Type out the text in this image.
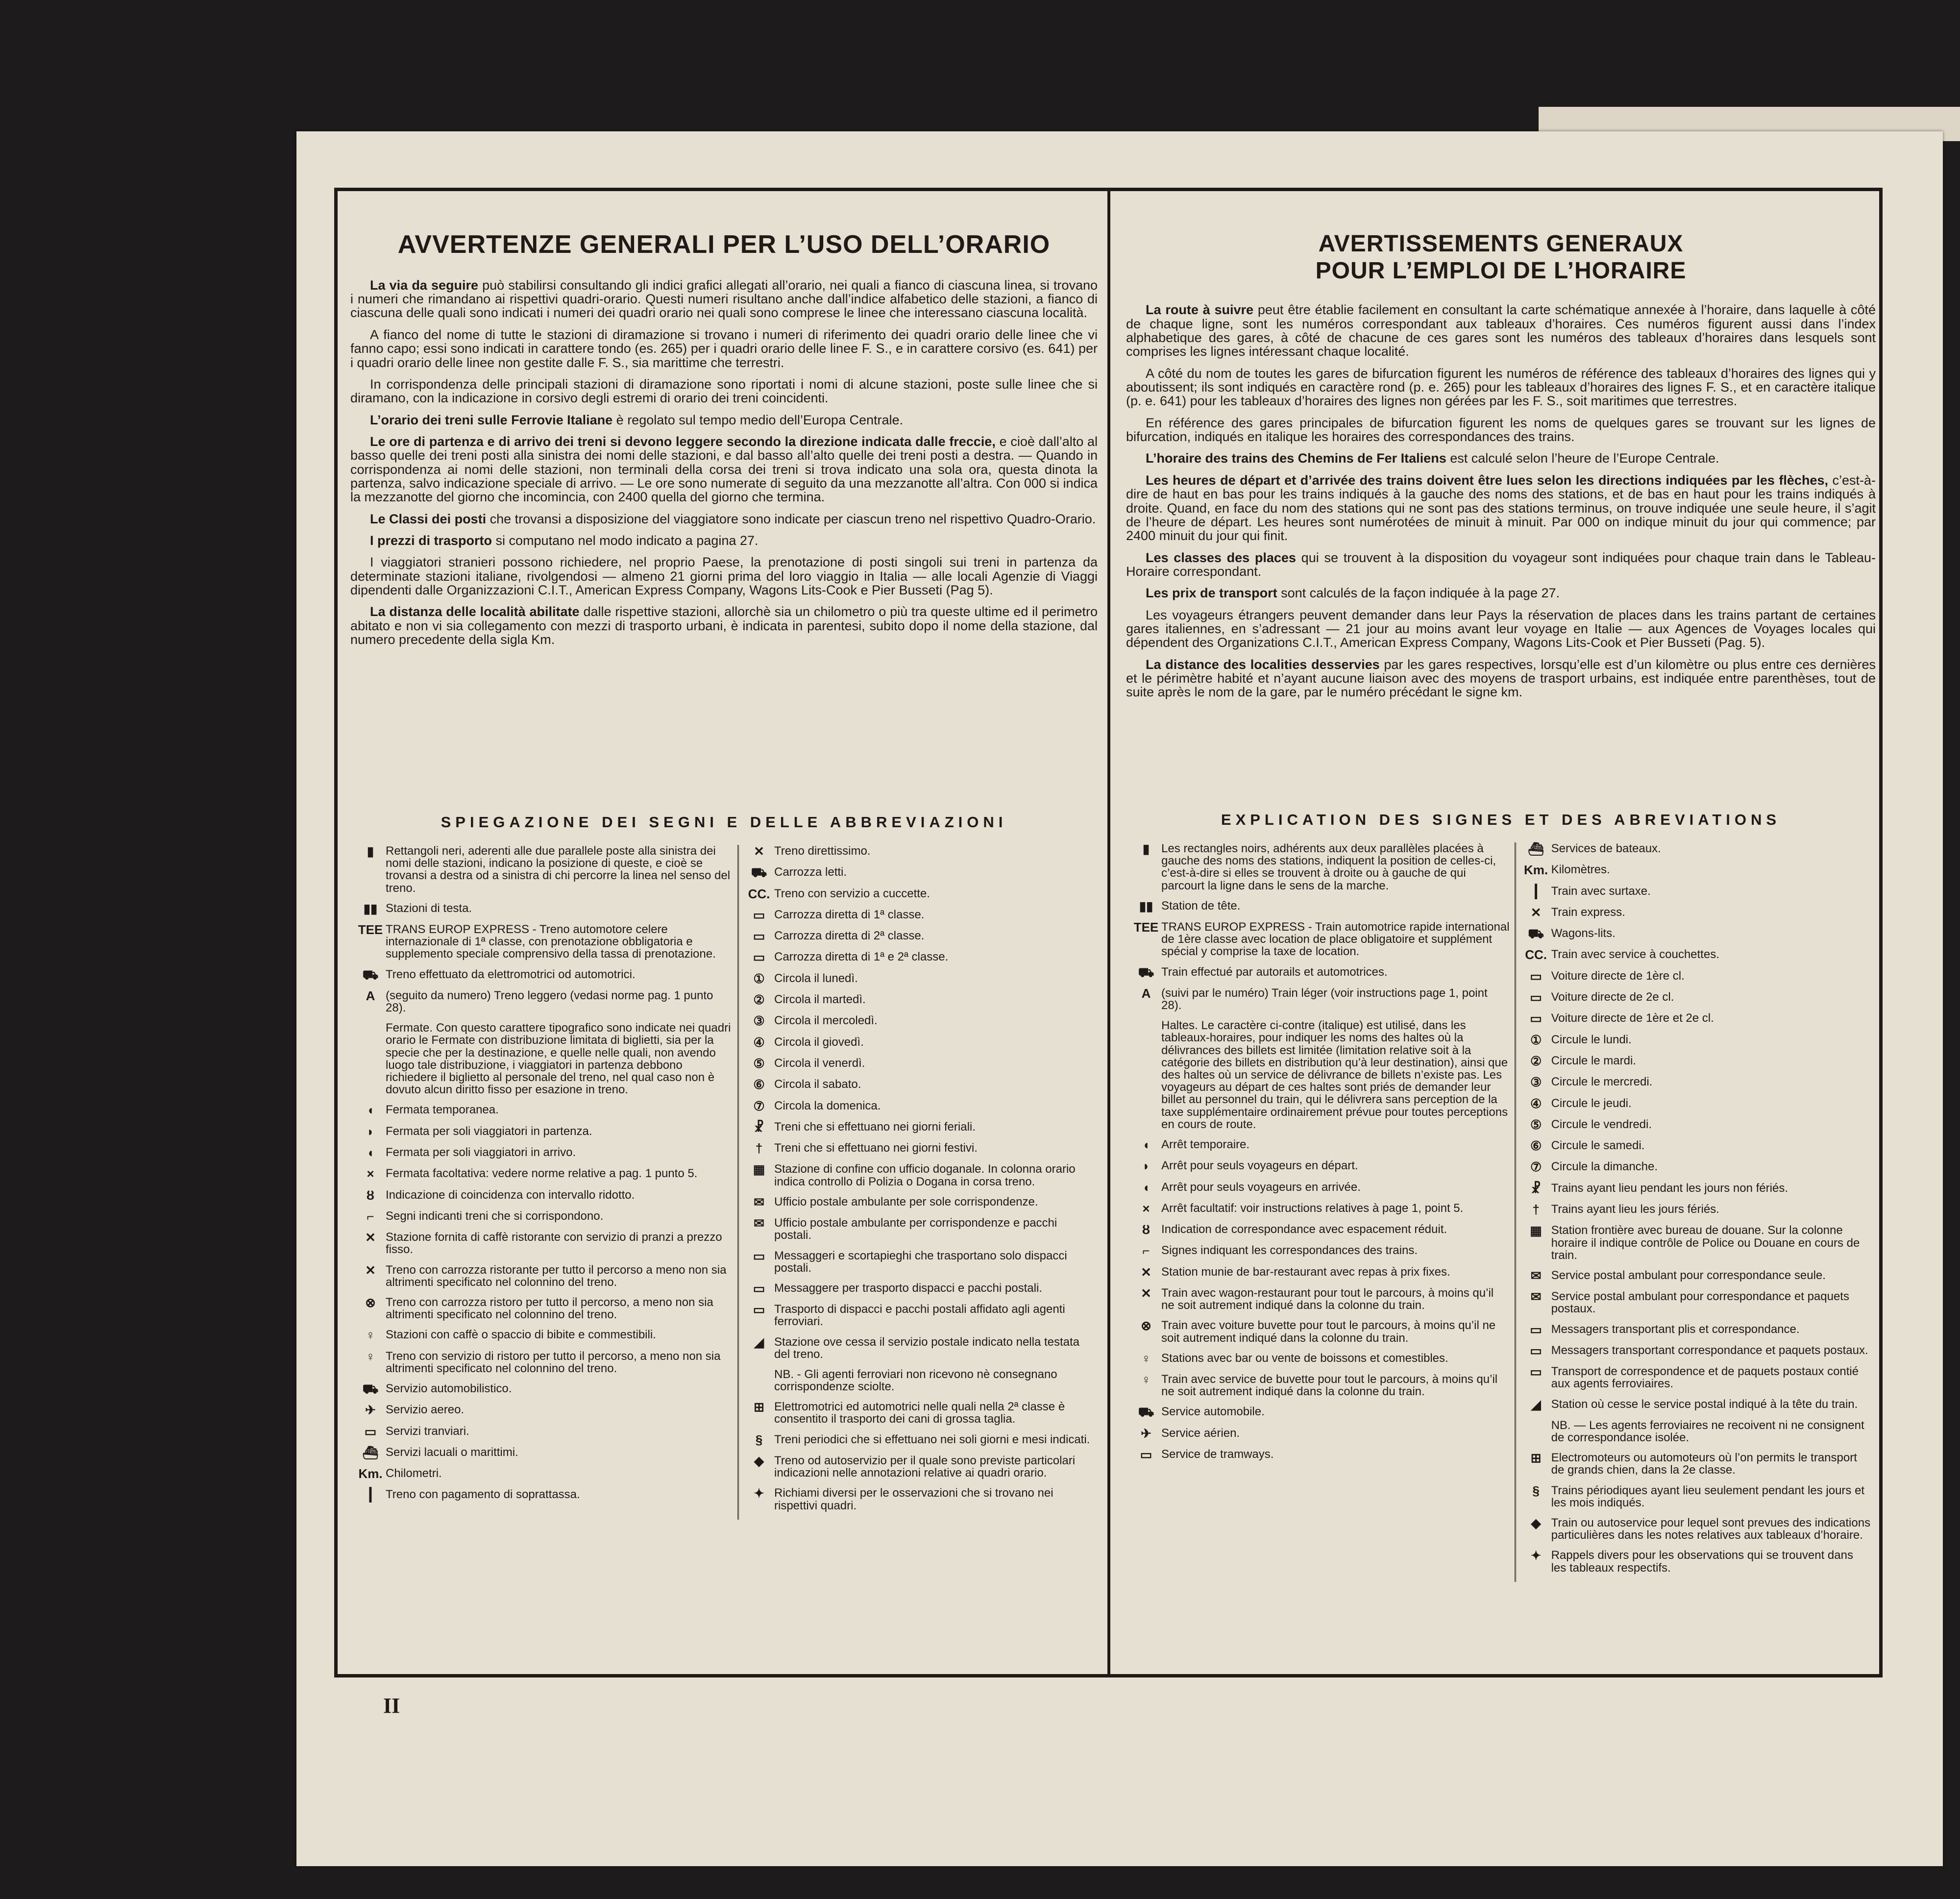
AVVERTENZE GENERALI PER L’USO DELL’ORARIO

La via da seguire può stabilirsi consultando gli indici grafici allegati all’orario, nei quali a fianco di ciascuna linea, si trovano i numeri che rimandano ai rispettivi quadri-orario. Questi numeri risultano anche dall’indice alfabetico delle stazioni, a fianco di ciascuna delle quali sono indicati i numeri dei quadri orario nei quali sono comprese le linee che interessano ciascuna località.

A fianco del nome di tutte le stazioni di diramazione si trovano i numeri di riferimento dei quadri orario delle linee che vi fanno capo; essi sono indicati in carattere tondo (es. 265) per i quadri orario delle linee F. S., e in carattere corsivo (es. 641) per i quadri orario delle linee non gestite dalle F. S., sia marittime che terrestri.

In corrispondenza delle principali stazioni di diramazione sono riportati i nomi di alcune stazioni, poste sulle linee che si diramano, con la indicazione in corsivo degli estremi di orario dei treni coincidenti.

L’orario dei treni sulle Ferrovie Italiane è regolato sul tempo medio dell’Europa Centrale.

Le ore di partenza e di arrivo dei treni si devono leggere secondo la direzione indicata dalle freccie, e cioè dall’alto al basso quelle dei treni posti alla sinistra dei nomi delle stazioni, e dal basso all’alto quelle dei treni posti a destra. — Quando in corrispondenza ai nomi delle stazioni, non terminali della corsa dei treni si trova indicato una sola ora, questa dinota la partenza, salvo indicazione speciale di arrivo. — Le ore sono numerate di seguito da una mezzanotte all’altra. Con 000 si indica la mezzanotte del giorno che incomincia, con 2400 quella del giorno che termina.

Le Classi dei posti che trovansi a disposizione del viaggiatore sono indicate per ciascun treno nel rispettivo Quadro-Orario.

I prezzi di trasporto si computano nel modo indicato a pagina 27.

I viaggiatori stranieri possono richiedere, nel proprio Paese, la prenotazione di posti singoli sui treni in partenza da determinate stazioni italiane, rivolgendosi — almeno 21 giorni prima del loro viaggio in Italia — alle locali Agenzie di Viaggi dipendenti dalle Organizzazioni C.I.T., American Express Company, Wagons Lits-Cook e Pier Busseti (Pag 5).

La distanza delle località abilitate dalle rispettive stazioni, allorchè sia un chilometro o più tra queste ultime ed il perimetro abitato e non vi sia collegamento con mezzi di trasporto urbani, è indicata in parentesi, subito dopo il nome della stazione, dal numero precedente della sigla Km.

SPIEGAZIONE DEI SEGNI E DELLE ABBREVIAZIONI
▮ Rettangoli neri, aderenti alle due parallele poste alla sinistra dei nomi delle stazioni, indicano la posizione di queste, e cioè se trovansi a destra od a sinistra di chi percorre la linea nel senso del treno.
▮▮ Stazioni di testa.
TEE TRANS EUROP EXPRESS - Treno automotore celere internazionale di 1ª classe, con prenotazione obbligatoria e supplemento speciale comprensivo della tassa di prenotazione.
⛟ Treno effettuato da elettromotrici od automotrici.
A (seguito da numero) Treno leggero (vedasi norme pag. 1 punto 28).
Fermate. Con questo carattere tipografico sono indicate nei quadri orario le Fermate con distribuzione limitata di biglietti, sia per la specie che per la destinazione, e quelle nelle quali, non avendo luogo tale distribuzione, i viaggiatori in partenza debbono richiedere il biglietto al personale del treno, nel qual caso non è dovuto alcun diritto fisso per esazione in treno.
◖ Fermata temporanea.
◗ Fermata per soli viaggiatori in partenza.
◖ Fermata per soli viaggiatori in arrivo.
× Fermata facoltativa: vedere norme relative a pag. 1 punto 5.
ȣ Indicazione di coincidenza con intervallo ridotto.
⌐ Segni indicanti treni che si corrispondono.
✕ Stazione fornita di caffè ristorante con servizio di pranzi a prezzo fisso.
✕ Treno con carrozza ristorante per tutto il percorso a meno non sia altrimenti specificato nel colonnino del treno.
⊗ Treno con carrozza ristoro per tutto il percorso, a meno non sia altrimenti specificato nel colonnino del treno.
♀ Stazioni con caffè o spaccio di bibite e commestibili.
♀ Treno con servizio di ristoro per tutto il percorso, a meno non sia altrimenti specificato nel colonnino del treno.
⛟ Servizio automobilistico.
✈ Servizio aereo.
▭ Servizi tranviari.
⛴ Servizi lacuali o marittimi.
Km. Chilometri.
┃ Treno con pagamento di soprattassa.
✕ Treno direttissimo.
⛟ Carrozza letti.
CC. Treno con servizio a cuccette.
▭ Carrozza diretta di 1ª classe.
▭ Carrozza diretta di 2ª classe.
▭ Carrozza diretta di 1ª e 2ª classe.
① Circola il lunedì.
② Circola il martedì.
③ Circola il mercoledì.
④ Circola il giovedì.
⑤ Circola il venerdì.
⑥ Circola il sabato.
⑦ Circola la domenica.
☧ Treni che si effettuano nei giorni feriali.
† Treni che si effettuano nei giorni festivi.
▦ Stazione di confine con ufficio doganale. In colonna orario indica controllo di Polizia o Dogana in corsa treno.
✉ Ufficio postale ambulante per sole corrispondenze.
✉ Ufficio postale ambulante per corrispondenze e pacchi postali.
▭ Messaggeri e scortapieghi che trasportano solo dispacci postali.
▭ Messaggere per trasporto dispacci e pacchi postali.
▭ Trasporto di dispacci e pacchi postali affidato agli agenti ferroviari.
◢ Stazione ove cessa il servizio postale indicato nella testata del treno.
NB. - Gli agenti ferroviari non ricevono nè consegnano corrispondenze sciolte.
⊞ Elettromotrici ed automotrici nelle quali nella 2ª classe è consentito il trasporto dei cani di grossa taglia.
§ Treni periodici che si effettuano nei soli giorni e mesi indicati.
◆ Treno od autoservizio per il quale sono previste particolari indicazioni nelle annotazioni relative ai quadri orario.
✦ Richiami diversi per le osservazioni che si trovano nei rispettivi quadri.
AVERTISSEMENTS GENERAUX
POUR L’EMPLOI DE L’HORAIRE

La route à suivre peut être établie facilement en consultant la carte schématique annexée à l’horaire, dans laquelle à côté de chaque ligne, sont les numéros correspondant aux tableaux d’horaires. Ces numéros figurent aussi dans l’index alphabetique des gares, à côté de chacune de ces gares sont les numéros des tableaux d’horaires dans lesquels sont comprises les lignes intéressant chaque localité.

A côté du nom de toutes les gares de bifurcation figurent les numéros de référence des tableaux d’horaires des lignes qui y aboutissent; ils sont indiqués en caractère rond (p. e. 265) pour les tableaux d’horaires des lignes F. S., et en caractère italique (p. e. 641) pour les tableaux d’horaires des lignes non gérées par les F. S., soit maritimes que terrestres.

En référence des gares principales de bifurcation figurent les noms de quelques gares se trouvant sur les lignes de bifurcation, indiqués en italique les horaires des correspondances des trains.

L’horaire des trains des Chemins de Fer Italiens est calculé selon l’heure de l’Europe Centrale.

Les heures de départ et d’arrivée des trains doivent être lues selon les directions indiquées par les flèches, c’est-à-dire de haut en bas pour les trains indiqués à la gauche des noms des stations, et de bas en haut pour les trains indiqués à droite. Quand, en face du nom des stations qui ne sont pas des stations terminus, on trouve indiquée une seule heure, il s’agit de l’heure de départ. Les heures sont numérotées de minuit à minuit. Par 000 on indique minuit du jour qui commence; par 2400 minuit du jour qui finit.

Les classes des places qui se trouvent à la disposition du voyageur sont indiquées pour chaque train dans le Tableau-Horaire correspondant.

Les prix de transport sont calculés de la façon indiquée à la page 27.

Les voyageurs étrangers peuvent demander dans leur Pays la réservation de places dans les trains partant de certaines gares italiennes, en s’adressant — 21 jour au moins avant leur voyage en Italie — aux Agences de Voyages locales qui dépendent des Organizations C.I.T., American Express Company, Wagons Lits-Cook et Pier Busseti (Pag. 5).

La distance des localities desservies par les gares respectives, lorsqu’elle est d’un kilomètre ou plus entre ces dernières et le périmètre habité et n’ayant aucune liaison avec des moyens de trasport urbains, est indiquée entre parenthèses, tout de suite après le nom de la gare, par le numéro précédant le signe km.

EXPLICATION DES SIGNES ET DES ABREVIATIONS
▮ Les rectangles noirs, adhérents aux deux parallèles placées à gauche des noms des stations, indiquent la position de celles-ci, c’est-à-dire si elles se trouvent à droite ou à gauche de qui parcourt la ligne dans le sens de la marche.
▮▮ Station de tête.
TEE TRANS EUROP EXPRESS - Train automotrice rapide international de 1ère classe avec location de place obligatoire et supplément spécial y comprise la taxe de location.
⛟ Train effectué par autorails et automotrices.
A (suivi par le numéro) Train léger (voir instructions page 1, point 28).
Haltes. Le caractère ci-contre (italique) est utilisé, dans les tableaux-horaires, pour indiquer les noms des haltes où la délivrances des billets est limitée (limitation relative soit à la catégorie des billets en distribution qu’à leur destination), ainsi que des haltes où un service de délivrance de billets n’existe pas. Les voyageurs au départ de ces haltes sont priés de demander leur billet au personnel du train, qui le délivrera sans perception de la taxe supplémentaire ordinairement prévue pour toutes perceptions en cours de route.
◖ Arrêt temporaire.
◗ Arrêt pour seuls voyageurs en départ.
◖ Arrêt pour seuls voyageurs en arrivée.
× Arrêt facultatif: voir instructions relatives à page 1, point 5.
ȣ Indication de correspondance avec espacement réduit.
⌐ Signes indiquant les correspondances des trains.
✕ Station munie de bar-restaurant avec repas à prix fixes.
✕ Train avec wagon-restaurant pour tout le parcours, à moins qu’il ne soit autrement indiqué dans la colonne du train.
⊗ Train avec voiture buvette pour tout le parcours, à moins qu’il ne soit autrement indiqué dans la colonne du train.
♀ Stations avec bar ou vente de boissons et comestibles.
♀ Train avec service de buvette pour tout le parcours, à moins qu’il ne soit autrement indiqué dans la colonne du train.
⛟ Service automobile.
✈ Service aérien.
▭ Service de tramways.
⛴ Services de bateaux.
Km. Kilomètres.
┃ Train avec surtaxe.
✕ Train express.
⛟ Wagons-lits.
CC. Train avec service à couchettes.
▭ Voiture directe de 1ère cl.
▭ Voiture directe de 2e cl.
▭ Voiture directe de 1ère et 2e cl.
① Circule le lundi.
② Circule le mardi.
③ Circule le mercredi.
④ Circule le jeudi.
⑤ Circule le vendredi.
⑥ Circule le samedi.
⑦ Circule la dimanche.
☧ Trains ayant lieu pendant les jours non fériés.
† Trains ayant lieu les jours fériés.
▦ Station frontière avec bureau de douane. Sur la colonne horaire il indique contrôle de Police ou Douane en cours de train.
✉ Service postal ambulant pour correspondance seule.
✉ Service postal ambulant pour correspondance et paquets postaux.
▭ Messagers transportant plis et correspondance.
▭ Messagers transportant correspondance et paquets postaux.
▭ Transport de correspondence et de paquets postaux contié aux agents ferroviaires.
◢ Station où cesse le service postal indiqué à la tête du train.
NB. — Les agents ferroviaires ne recoivent ni ne consignent de correspondance isolée.
⊞ Electromoteurs ou automoteurs où l’on permits le transport de grands chien, dans la 2e classe.
§ Trains périodiques ayant lieu seulement pendant les jours et les mois indiqués.
◆ Train ou autoservice pour lequel sont prevues des indications particulières dans les notes relatives aux tableaux d’horaire.
✦ Rappels divers pour les observations qui se trouvent dans les tableaux respectifs.
II
